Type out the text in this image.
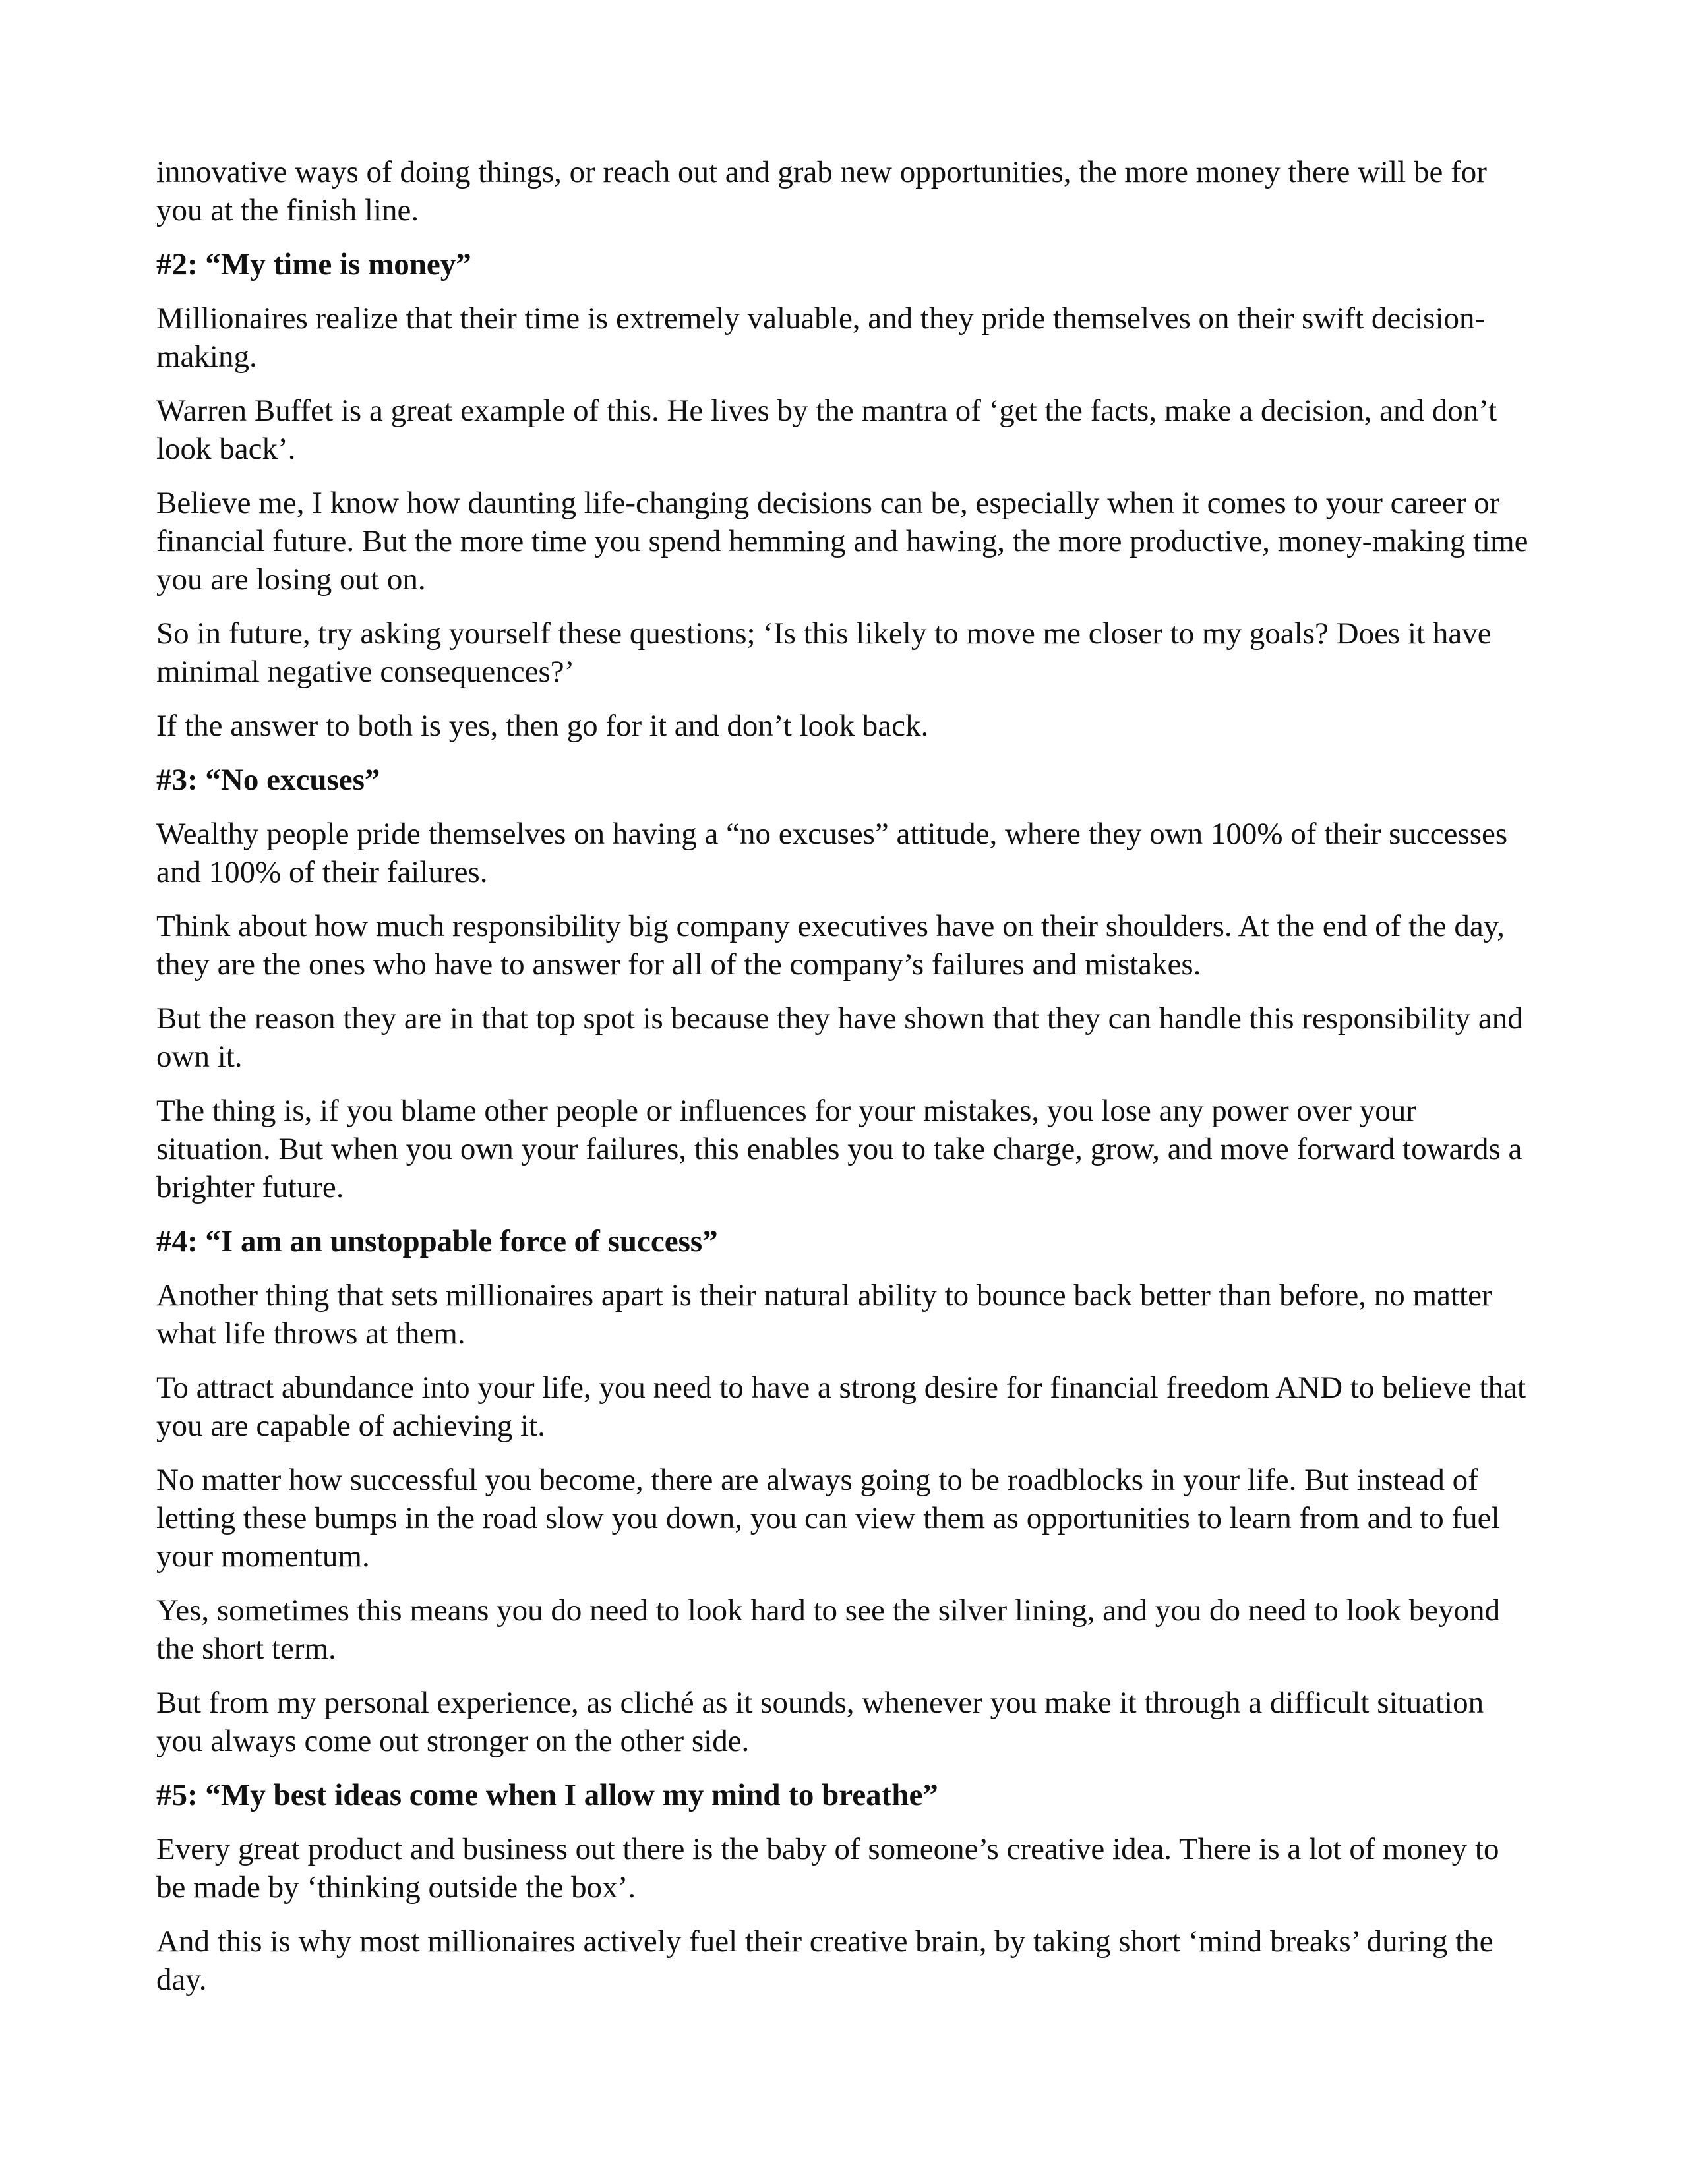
innovative ways of doing things, or reach out and grab new opportunities, the more money there will be for you at the finish line.

#2: “My time is money”

Millionaires realize that their time is extremely valuable, and they pride themselves on their swift decision-making.

Warren Buffet is a great example of this. He lives by the mantra of ‘get the facts, make a decision, and don’t look back’.

Believe me, I know how daunting life-changing decisions can be, especially when it comes to your career or financial future. But the more time you spend hemming and hawing, the more productive, money-making time you are losing out on.

So in future, try asking yourself these questions; ‘Is this likely to move me closer to my goals? Does it have minimal negative consequences?’

If the answer to both is yes, then go for it and don’t look back.

#3: “No excuses”

Wealthy people pride themselves on having a “no excuses” attitude, where they own 100% of their successes and 100% of their failures.

Think about how much responsibility big company executives have on their shoulders. At the end of the day, they are the ones who have to answer for all of the company’s failures and mistakes.

But the reason they are in that top spot is because they have shown that they can handle this responsibility and own it.

The thing is, if you blame other people or influences for your mistakes, you lose any power over your situation. But when you own your failures, this enables you to take charge, grow, and move forward towards a brighter future.

#4: “I am an unstoppable force of success”

Another thing that sets millionaires apart is their natural ability to bounce back better than before, no matter what life throws at them.

To attract abundance into your life, you need to have a strong desire for financial freedom AND to believe that you are capable of achieving it.

No matter how successful you become, there are always going to be roadblocks in your life. But instead of letting these bumps in the road slow you down, you can view them as opportunities to learn from and to fuel your momentum.

Yes, sometimes this means you do need to look hard to see the silver lining, and you do need to look beyond the short term.

But from my personal experience, as cliché as it sounds, whenever you make it through a difficult situation you always come out stronger on the other side.

#5: “My best ideas come when I allow my mind to breathe”

Every great product and business out there is the baby of someone’s creative idea. There is a lot of money to be made by ‘thinking outside the box’.

And this is why most millionaires actively fuel their creative brain, by taking short ‘mind breaks’ during the day.
